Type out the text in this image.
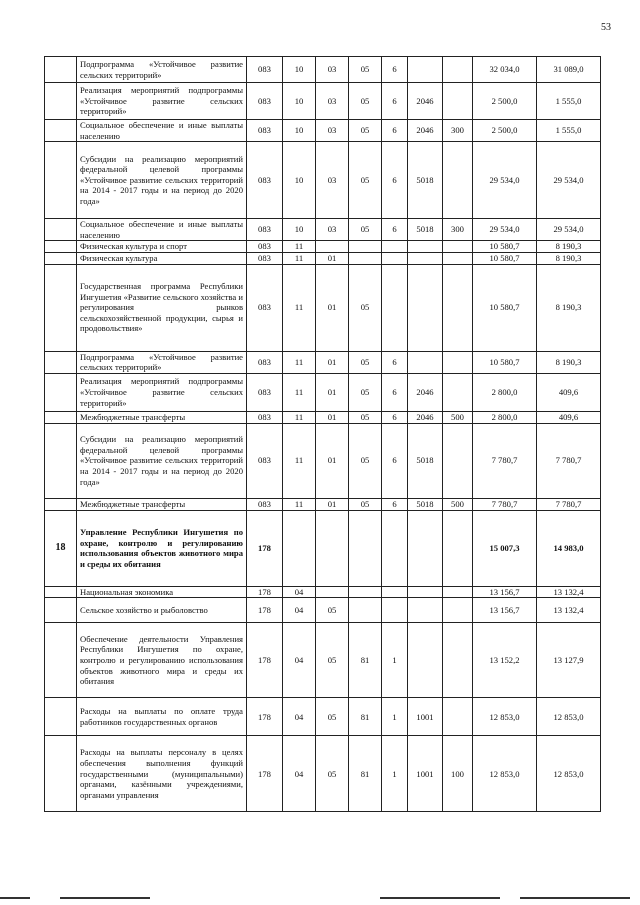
53
	Подпрограмма «Устойчивое развитие сельских территорий»	083	10	03	05	6			32 034,0	31 089,0
	Реализация мероприятий подпрограммы «Устойчивое развитие сельских территорий»	083	10	03	05	6	2046		2 500,0	1 555,0
	Социальное обеспечение и иные выплаты населению	083	10	03	05	6	2046	300	2 500,0	1 555,0
	Субсидии на реализацию мероприятий федеральной целевой программы «Устойчивое развитие сельских территорий на 2014 - 2017 годы и на период до 2020 года»	083	10	03	05	6	5018		29 534,0	29 534,0
	Социальное обеспечение и иные выплаты населению	083	10	03	05	6	5018	300	29 534,0	29 534,0
	Физическая культура и спорт	083	11						10 580,7	8 190,3
	Физическая культура	083	11	01					10 580,7	8 190,3
	Государственная программа Республики Ингушетия «Развитие сельского хозяйства и регулирования рынков сельскохозяйственной продукции, сырья и продовольствия»	083	11	01	05				10 580,7	8 190,3
	Подпрограмма «Устойчивое развитие сельских территорий»	083	11	01	05	6			10 580,7	8 190,3
	Реализация мероприятий подпрограммы «Устойчивое развитие сельских территорий»	083	11	01	05	6	2046		2 800,0	409,6
	Межбюджетные трансферты	083	11	01	05	6	2046	500	2 800,0	409,6
	Субсидии на реализацию мероприятий федеральной целевой программы «Устойчивое развитие сельских территорий на 2014 - 2017 годы и на период до 2020 года»	083	11	01	05	6	5018		7 780,7	7 780,7
	Межбюджетные трансферты	083	11	01	05	6	5018	500	7 780,7	7 780,7
18	Управление Республики Ингушетия по охране, контролю и регулированию использования объектов животного мира и среды их обитания	178							15 007,3	14 983,0
	Национальная экономика	178	04						13 156,7	13 132,4
	Сельское хозяйство и рыболовство	178	04	05					13 156,7	13 132,4
	Обеспечение деятельности Управления Республики Ингушетия по охране, контролю и регулированию использования объектов животного мира и среды их обитания	178	04	05	81	1			13 152,2	13 127,9
	Расходы на выплаты по оплате труда работников государственных органов	178	04	05	81	1	1001		12 853,0	12 853,0
	Расходы на выплаты персоналу в целях обеспечения выполнения функций государственными (муниципальными) органами, казёнными учреждениями, органами управления	178	04	05	81	1	1001	100	12 853,0	12 853,0
